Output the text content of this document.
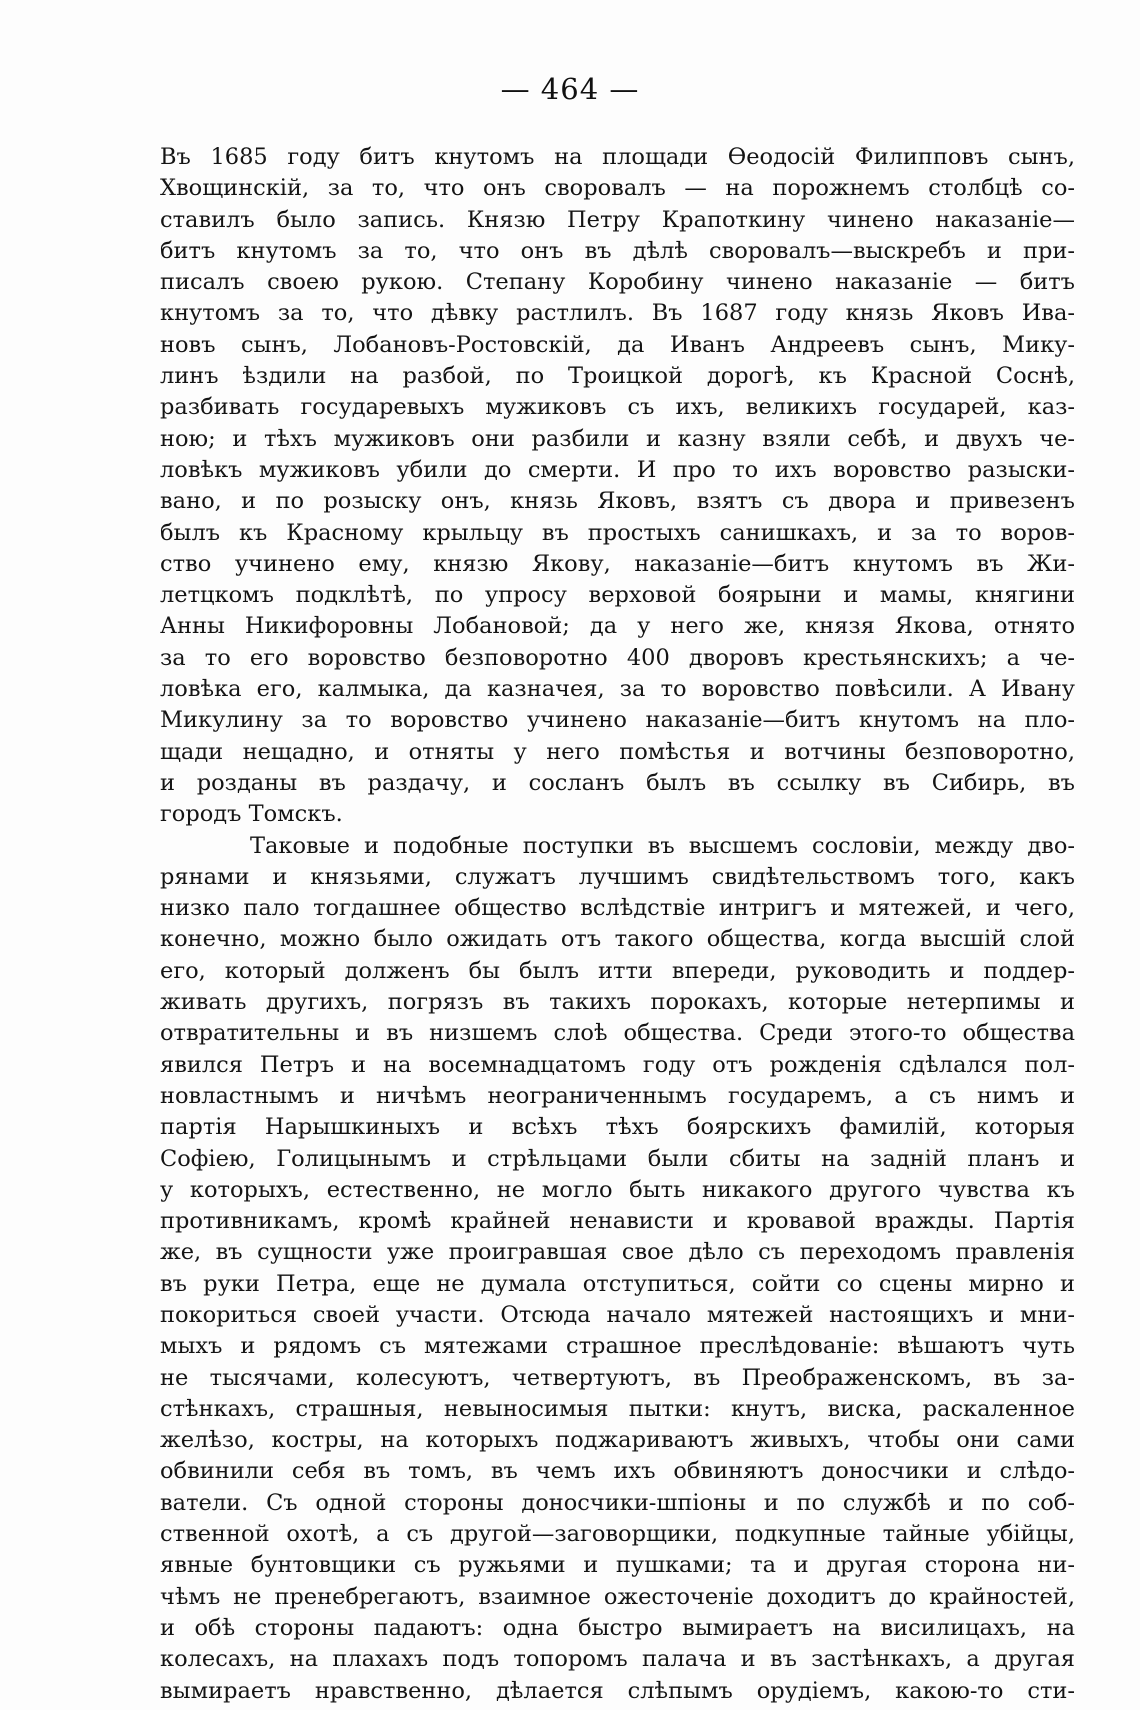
— 464 —
Въ 1685 году битъ кнутомъ на площади Ѳеодосій Филипповъ сынъ,
Хвощинскій, за то, что онъ своровалъ — на порожнемъ столбцѣ со-
ставилъ было запись. Князю Петру Крапоткину чинено наказаніе—
битъ кнутомъ за то, что онъ въ дѣлѣ своровалъ—выскребъ и при-
писалъ своею рукою. Степану Коробину чинено наказаніе — битъ
кнутомъ за то, что дѣвку растлилъ. Въ 1687 году князь Яковъ Ива-
новъ сынъ, Лобановъ-Ростовскій, да Иванъ Андреевъ сынъ, Мику-
линъ ѣздили на разбой, по Троицкой дорогѣ, къ Красной Соснѣ,
разбивать государевыхъ мужиковъ съ ихъ, великихъ государей, каз-
ною; и тѣхъ мужиковъ они разбили и казну взяли себѣ, и двухъ че-
ловѣкъ мужиковъ убили до смерти. И про то ихъ воровство разыски-
вано, и по розыску онъ, князь Яковъ, взятъ съ двора и привезенъ
былъ къ Красному крыльцу въ простыхъ санишкахъ, и за то воров-
ство учинено ему, князю Якову, наказаніе—битъ кнутомъ въ Жи-
летцкомъ подклѣтѣ, по упросу верховой боярыни и мамы, княгини
Анны Никифоровны Лобановой; да у него же, князя Якова, отнято
за то его воровство безповоротно 400 дворовъ крестьянскихъ; а че-
ловѣка его, калмыка, да казначея, за то воровство повѣсили. А Ивану
Микулину за то воровство учинено наказаніе—битъ кнутомъ на пло-
щади нещадно, и отняты у него помѣстья и вотчины безповоротно,
и розданы въ раздачу, и сосланъ былъ въ ссылку въ Сибирь, въ
городъ Томскъ.
Таковые и подобные поступки въ высшемъ сословіи, между дво-
рянами и князьями, служатъ лучшимъ свидѣтельствомъ того, какъ
низко пало тогдашнее общество вслѣдствіе интригъ и мятежей, и чего,
конечно, можно было ожидать отъ такого общества, когда высшій слой
его, который долженъ бы былъ итти впереди, руководить и поддер-
живать другихъ, погрязъ въ такихъ порокахъ, которые нетерпимы и
отвратительны и въ низшемъ слоѣ общества. Среди этого-то общества
явился Петръ и на восемнадцатомъ году отъ рожденія сдѣлался пол-
новластнымъ и ничѣмъ неограниченнымъ государемъ, а съ нимъ и
партія Нарышкиныхъ и всѣхъ тѣхъ боярскихъ фамилій, которыя
Софіею, Голицынымъ и стрѣльцами были сбиты на задній планъ и
у которыхъ, естественно, не могло быть никакого другого чувства къ
противникамъ, кромѣ крайней ненависти и кровавой вражды. Партія
же, въ сущности уже проигравшая свое дѣло съ переходомъ правленія
въ руки Петра, еще не думала отступиться, сойти со сцены мирно и
покориться своей участи. Отсюда начало мятежей настоящихъ и мни-
мыхъ и рядомъ съ мятежами страшное преслѣдованіе: вѣшаютъ чуть
не тысячами, колесуютъ, четвертуютъ, въ Преображенскомъ, въ за-
стѣнкахъ, страшныя, невыносимыя пытки: кнутъ, виска, раскаленное
желѣзо, костры, на которыхъ поджариваютъ живыхъ, чтобы они сами
обвинили себя въ томъ, въ чемъ ихъ обвиняютъ доносчики и слѣдо-
ватели. Съ одной стороны доносчики-шпіоны и по службѣ и по соб-
ственной охотѣ, а съ другой—заговорщики, подкупные тайные убійцы,
явные бунтовщики съ ружьями и пушками; та и другая сторона ни-
чѣмъ не пренебрегаютъ, взаимное ожесточеніе доходитъ до крайностей,
и обѣ стороны падаютъ: одна быстро вымираетъ на висилицахъ, на
колесахъ, на плахахъ подъ топоромъ палача и въ застѣнкахъ, а другая
вымираетъ нравственно, дѣлается слѣпымъ орудіемъ, какою-то сти-
